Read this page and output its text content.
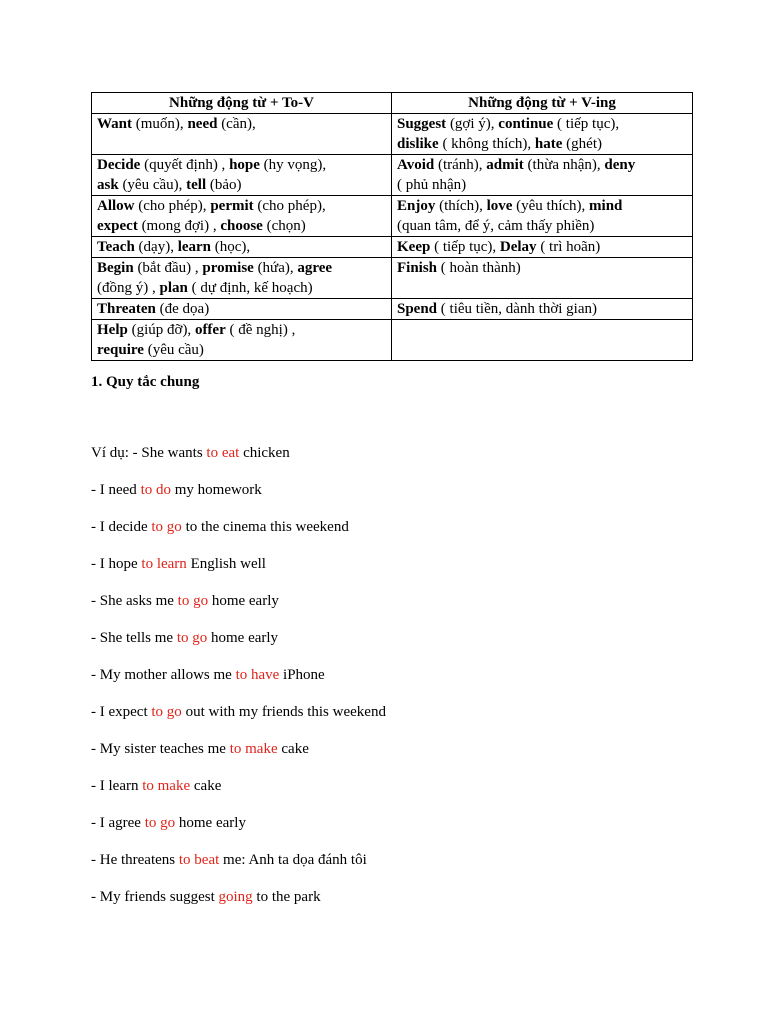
Những động từ + To-V	Những động từ + V-ing

Want (muốn), need (cần),	Suggest (gợi ý), continue ( tiếp tục),
dislike ( không thích), hate (ghét)

Decide (quyết định) , hope (hy vọng),
ask (yêu cầu), tell (bảo)	Avoid (tránh), admit (thừa nhận), deny
( phủ nhận)

Allow (cho phép), permit (cho phép),
expect (mong đợi) , choose (chọn)	Enjoy (thích), love (yêu thích), mind
(quan tâm, để ý, cảm thấy phiền)

Teach (dạy), learn (học),	Keep ( tiếp tục), Delay ( trì hoãn)

Begin (bắt đầu) , promise (hứa), agree
(đồng ý) , plan ( dự định, kế hoạch)	Finish ( hoàn thành)

Threaten (đe dọa)	Spend ( tiêu tiền, dành thời gian)

Help (giúp đỡ), offer ( đề nghị) ,
require (yêu cầu)	

1. Quy tắc chung

Ví dụ: - She wants to eat chicken
- I need to do my homework
- I decide to go to the cinema this weekend
- I hope to learn English well
- She asks me to go home early
- She tells me to go home early
- My mother allows me to have iPhone
- I expect to go out with my friends this weekend
- My sister teaches me to make cake
- I learn to make cake
- I agree to go home early
- He threatens to beat me: Anh ta dọa đánh tôi
- My friends suggest going to the park
